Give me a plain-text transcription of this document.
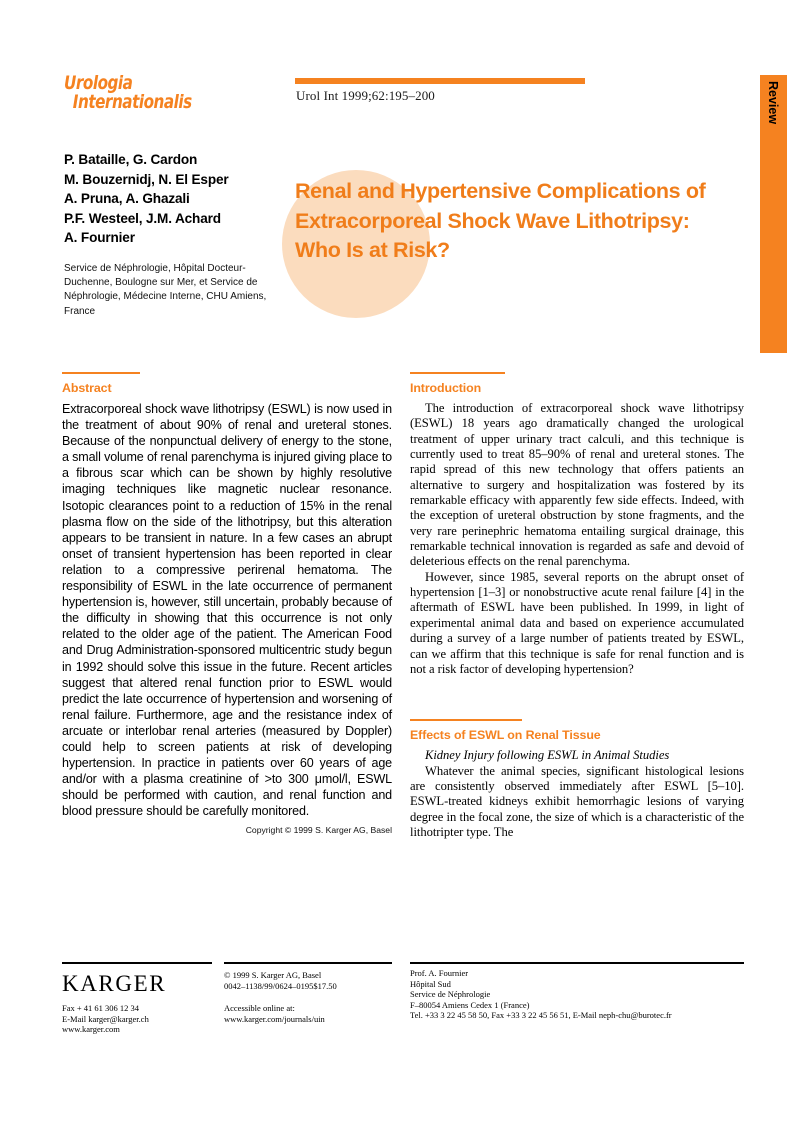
Review
Urologia
Internationalis	Urol Int 1999;62:195–200
P. Bataille, G. Cardon
M. Bouzernidj, N. El Esper
A. Pruna, A. Ghazali
P.F. Westeel, J.M. Achard
A. Fournier
Service de Néphrologie, Hôpital Docteur-Duchenne, Boulogne sur Mer, et Service de Néphrologie, Médecine Interne, CHU Amiens, France
Renal and Hypertensive Complications of Extracorporeal Shock Wave Lithotripsy: Who Is at Risk?
Abstract
Extracorporeal shock wave lithotripsy (ESWL) is now used in the treatment of about 90% of renal and ureteral stones. Because of the nonpunctual delivery of energy to the stone, a small volume of renal parenchyma is injured giving place to a fibrous scar which can be shown by highly resolutive imaging techniques like magnetic nuclear resonance. Isotopic clearances point to a reduction of 15% in the renal plasma flow on the side of the lithotripsy, but this alteration appears to be transient in nature. In a few cases an abrupt onset of transient hypertension has been reported in clear relation to a compressive perirenal hematoma. The responsibility of ESWL in the late occurrence of permanent hypertension is, however, still uncertain, probably because of the difficulty in showing that this occurrence is not only related to the older age of the patient. The American Food and Drug Administration-sponsored multicentric study begun in 1992 should solve this issue in the future. Recent articles suggest that altered renal function prior to ESWL would predict the late occurrence of hypertension and worsening of renal failure. Furthermore, age and the resistance index of arcuate or interlobar renal arteries (measured by Doppler) could help to screen patients at risk of developing hypertension. In practice in patients over 60 years of age and/or with a plasma creatinine of >to 300 μmol/l, ESWL should be performed with caution, and renal function and blood pressure should be carefully monitored.
Copyright © 1999 S. Karger AG, Basel
Introduction

The introduction of extracorporeal shock wave lithotripsy (ESWL) 18 years ago dramatically changed the urological treatment of upper urinary tract calculi, and this technique is currently used to treat 85–90% of renal and ureteral stones. The rapid spread of this new technology that offers patients an alternative to surgery and hospitalization was fostered by its remarkable efficacy with apparently few side effects. Indeed, with the exception of ureteral obstruction by stone fragments, and the very rare perinephric hematoma entailing surgical drainage, this remarkable technical innovation is regarded as safe and devoid of deleterious effects on the renal parenchyma.

However, since 1985, several reports on the abrupt onset of hypertension [1–3] or nonobstructive acute renal failure [4] in the aftermath of ESWL have been published. In 1999, in light of experimental animal data and based on experience accumulated during a survey of a large number of patients treated by ESWL, can we affirm that this technique is safe for renal function and is not a risk factor of developing hypertension?

Effects of ESWL on Renal Tissue
Kidney Injury following ESWL in Animal Studies

Whatever the animal species, significant histological lesions are consistently observed immediately after ESWL [5–10]. ESWL-treated kidneys exhibit hemorrhagic lesions of varying degree in the focal zone, the size of which is a characteristic of the lithotripter type. The

KARGER
Fax + 41 61 306 12 34
E-Mail karger@karger.ch
www.karger.com
© 1999 S. Karger AG, Basel
0042–1138/99/0624–0195$17.50
Accessible online at:
www.karger.com/journals/uin
Prof. A. Fournier
Hôpital Sud
Service de Néphrologie
F–80054 Amiens Cedex 1 (France)
Tel. +33 3 22 45 58 50, Fax +33 3 22 45 56 51, E-Mail neph-chu@burotec.fr
